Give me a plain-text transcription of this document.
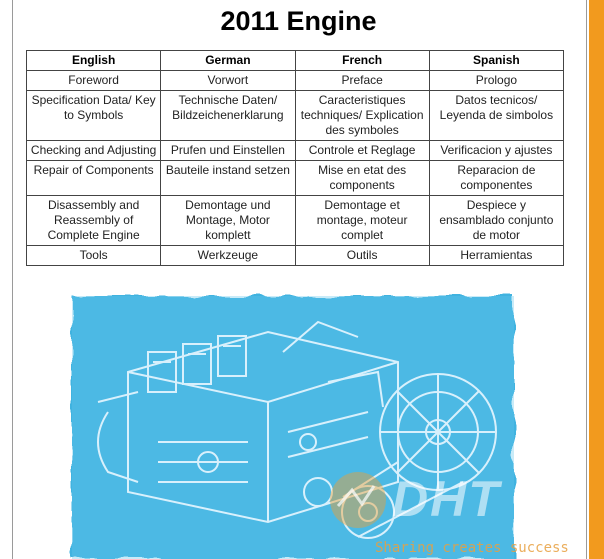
2011 Engine
English	German	French	Spanish
Foreword	Vorwort	Preface	Prologo
Specification Data/ Key to Symbols	Technische Daten/ Bildzeichenerklarung	Caracteristiques techniques/ Explication des symboles	Datos tecnicos/ Leyenda de simbolos
Checking and Adjusting	Prufen und Einstellen	Controle et Reglage	Verificacion y ajustes
Repair of Components	Bauteile instand setzen	Mise en etat des components	Reparacion de componentes
Disassembly and Reassembly of Complete Engine	Demontage und Montage, Motor komplett	Demontage et montage, moteur complet	Despiece y ensamblado conjunto de motor
Tools	Werkzeuge	Outils	Herramientas
DHT
Sharing creates success
